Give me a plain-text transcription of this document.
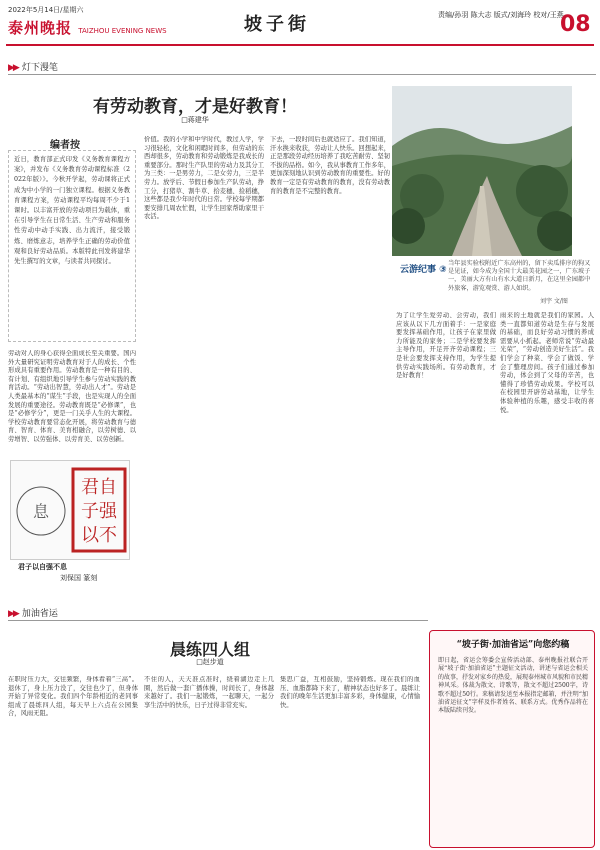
2022年5月14日/星期六
泰州晚报 TAIZHOU EVENING NEWS	坡子街	责编/孙羽 陈大志 版式/刘海玲 校对/王燕
08
▶▶ 灯下漫笔
有劳动教育，才是好教育！
□蒋建华
编者按
近日，教育部正式印发《义务教育课程方案》，并发布《义务教育劳动课程标准（2022年版）》。今秋开学起，劳动课将正式成为中小学的一门独立课程。根据义务教育课程方案，劳动课程平均每周不少于1课时。以丰富开放的劳动项目为载体，重在引导学生在日常生活、生产劳动和服务性劳动中动手实践、出力流汗，接受锻炼、磨炼意志，培养学生正确的劳动价值观和良好劳动品质。本版特此刊发蒋建华先生撰写的文章，与读者共同探讨。
劳动对人的身心获得全面成长至关重要。国内外大量研究证明劳动教育对于人的成长、个性形成具有重要作用。劳动教育是一种有目的、有计划、有组织地引导学生参与劳动实践的教育活动。“劳动出智慧，劳动出人才”。劳动是人类最基本的“谋生”手段，也是实现人的全面发展的重要途径。劳动教育既是“必修课”，也是“必修学分”，更是一门关乎人生的大课程。学校劳动教育要常态化开展，将劳动教育与德育、智育、体育、美育相融合，以劳树德、以劳增智、以劳强体、以劳育美、以劳创新。
价值。我的小学和中学时代，教过人学，学习很轻松，文化和闲暇时间多，但劳动的东西却很多，劳动教育和劳动锻炼是我成长的重要部分。那时生产队里的劳动力及其分工为三类：一是男劳力，二是女劳力，三是半劳力。放学后、节假日参加生产队劳动，挣工分，打猪草、割牛草、拾麦穗、捡稻穗，这些都是我少年时代的日常。学校每学期都要安排几周农忙假，让学生回家帮助家里干农活。
下去，一段时间后也就适应了。我们知道，汗水换来收获，劳动让人快乐。回想起来，正是那段劳动经历培养了我吃苦耐劳、坚韧不拔的品格。如今，我从事教育工作多年，更加深刻地认识到劳动教育的重要性。好的教育一定是有劳动教育的教育，没有劳动教育的教育是不完整的教育。
为了让学生爱劳动、会劳动，我们应该从以下几方面着手：一是家庭要发挥基础作用，让孩子在家里做力所能及的家务；二是学校要发挥主导作用，开足开齐劳动课程；三是社会要发挥支持作用，为学生提供劳动实践场所。有劳动教育，才是好教育！
雨来的土地就是我们的家园。人类一直都知道劳动是生存与发展的基础，而良好劳动习惯的养成需要从小抓起。老师常说“劳动最光荣”，“劳动创造美好生活”。我们学会了种菜、学会了做饭、学会了整理房间。孩子们通过参加劳动，体会到了父母的辛苦，也懂得了珍惜劳动成果。学校可以在校园里开辟劳动基地，让学生体验种植的乐趣，感受丰收的喜悦。
云游纪事 ③
当年县实验校附近广东高州的，留下卖瓜排序的狗又是见证，如今成为全国十大最美花园之一，广东坡子一，美丽大方有山有水大道日新月，在这里全园都中外旅客，游览观赏、游人如织。
刘宇 文/图
君自
子强
以不
息
君子以自强不息
刘保国 篆刻
▶▶ 加油省运
晨练四人组
□赵步道
在职时压力大，交往频繁，身体看着“三高”。退休了，身上压力没了，交往也少了，但身体开始了异常变化。我们四个年龄相近的老同事组成了晨练四人组，每天早上六点在公园集合，风雨无阻。
不住的人，天天准点准时，绕着湖边走上几圈，然后做一套广播体操，时间长了，身体越来越好了。我们一起锻炼，一起聊天，一起分享生活中的快乐，日子过得非常充实。
集思广益，互相鼓励，坚持锻炼。现在我们的血压、血脂都降下来了，精神状态也好多了。晨练让我们的晚年生活更加丰富多彩，身体健康，心情愉快。
“坡子街·加油省运”向您约稿
即日起，省运会筹委会宣传活动部、泰州晚报社联合开展“坡子街·加油省运”主题征文活动，讲述与省运会相关的故事，抒发对家乡的热爱，展现泰州城市风貌和市民精神风采。体裁为散文、诗歌等，散文不超过2500字，诗歌不超过50行。来稿请发送至本报指定邮箱，并注明“加油省运征文”字样及作者姓名、联系方式。优秀作品将在本版陆续刊发。
